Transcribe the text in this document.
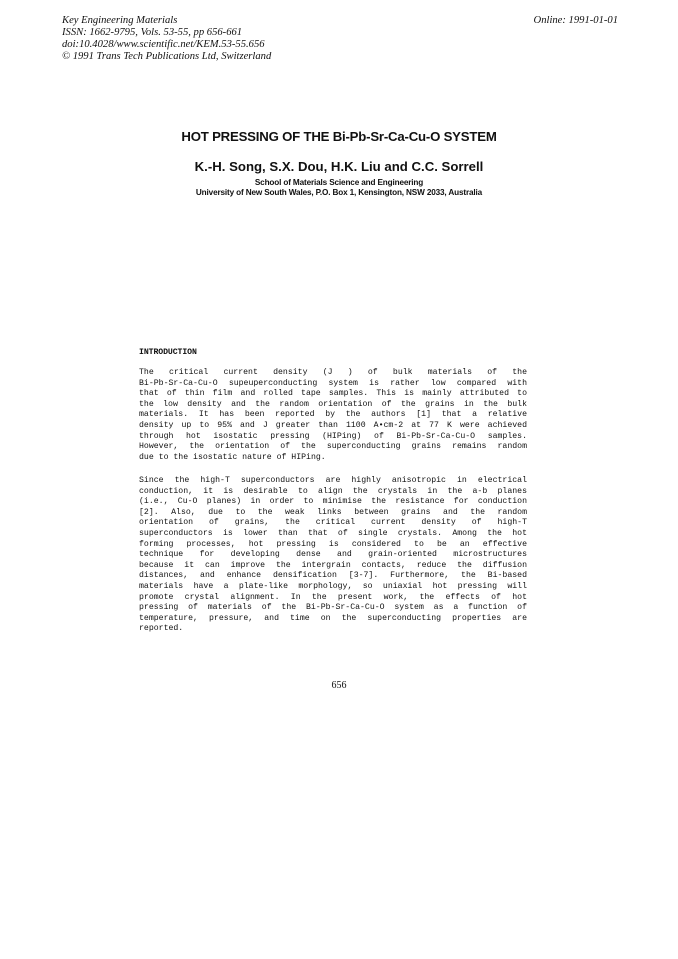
Key Engineering Materials
ISSN: 1662-9795, Vols. 53-55, pp 656-661
doi:10.4028/www.scientific.net/KEM.53-55.656
© 1991 Trans Tech Publications Ltd, Switzerland
Online: 1991-01-01
HOT PRESSING OF THE Bi-Pb-Sr-Ca-Cu-O SYSTEM
K.-H. Song, S.X. Dou, H.K. Liu and C.C. Sorrell
School of Materials Science and Engineering
University of New South Wales, P.O. Box 1, Kensington, NSW 2033, Australia
INTRODUCTION
The critical current density (J ) of bulk materials of the
Bi-Pb-Sr-Ca-Cu-O supeuperconducting system is rather low compared with
that of thin film and rolled tape samples. This is mainly attributed to
the low density and the random orientation of the grains in the bulk
materials. It has been reported by the authors [1] that a relative
density up to 95% and J greater than 1100 A•cm-2 at 77 K were achieved
through hot isostatic pressing (HIPing) of Bi-Pb-Sr-Ca-Cu-O samples.
However, the orientation of the superconducting grains remains random
due to the isostatic nature of HIPing.
Since the high-T superconductors are highly anisotropic in electrical
conduction, it is desirable to align the crystals in the a-b planes
(i.e., Cu-O planes) in order to minimise the resistance for conduction
[2]. Also, due to the weak links between grains and the random
orientation of grains, the critical current density of high-T
superconductors is lower than that of single crystals. Among the hot
forming processes, hot pressing is considered to be an effective
technique for developing dense and grain-oriented microstructures
because it can improve the intergrain contacts, reduce the diffusion
distances, and enhance densification [3-7]. Furthermore, the Bi-based
materials have a plate-like morphology, so uniaxial hot pressing will
promote crystal alignment. In the present work, the effects of hot
pressing of materials of the Bi-Pb-Sr-Ca-Cu-O system as a function of
temperature, pressure, and time on the superconducting properties are
reported.
656
